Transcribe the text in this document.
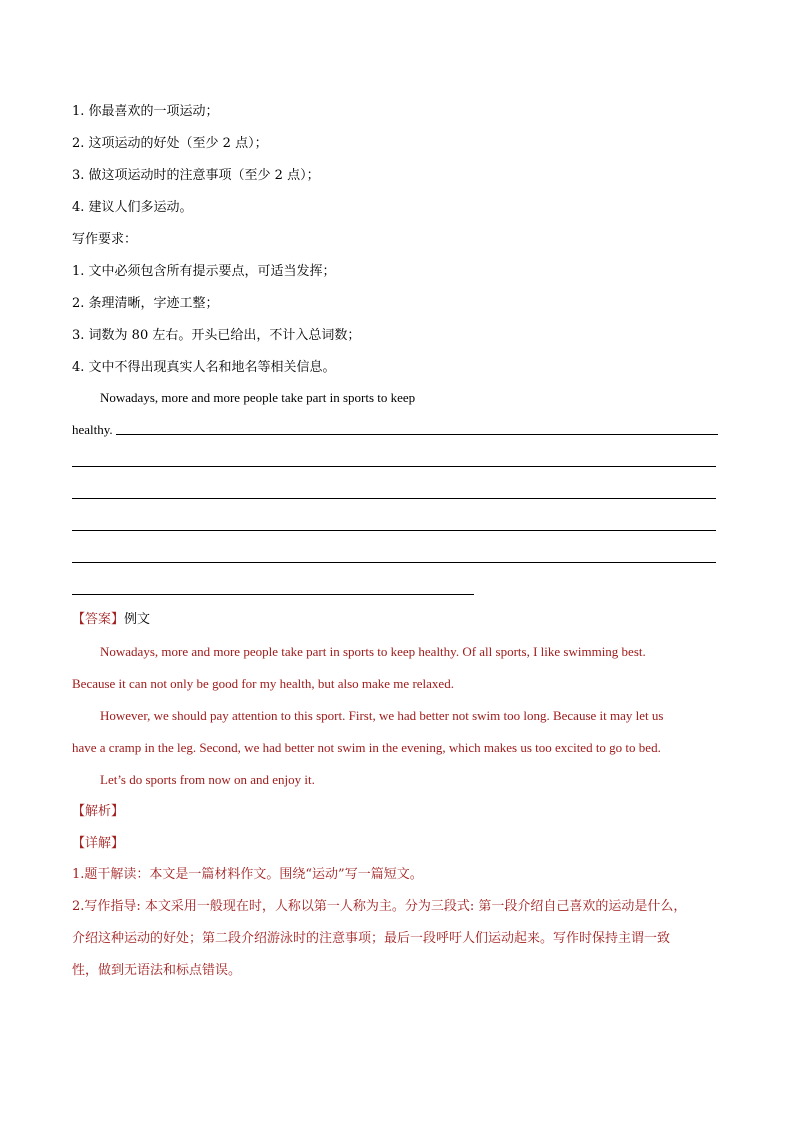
1. 你最喜欢的一项运动；
2. 这项运动的好处（至少 2 点）；
3. 做这项运动时的注意事项（至少 2 点）；
4. 建议人们多运动。
写作要求：
1. 文中必须包含所有提示要点，可适当发挥；
2. 条理清晰，字迹工整；
3. 词数为 80 左右。开头已给出，不计入总词数；
4. 文中不得出现真实人名和地名等相关信息。
Nowadays, more and more people take part in sports to keep
healthy.
【答案】例文
Nowadays, more and more people take part in sports to keep healthy. Of all sports, I like swimming best.
Because it can not only be good for my health, but also make me relaxed.
However, we should pay attention to this sport. First, we had better not swim too long. Because it may let us
have a cramp in the leg. Second, we had better not swim in the evening, which makes us too excited to go to bed.
Let’s do sports from now on and enjoy it.
【解析】
【详解】
1.题干解读：本文是一篇材料作文。围绕“运动”写一篇短文。
2.写作指导: 本文采用一般现在时，人称以第一人称为主。分为三段式: 第一段介绍自己喜欢的运动是什么，
介绍这种运动的好处；第二段介绍游泳时的注意事项；最后一段呼吁人们运动起来。写作时保持主谓一致
性，做到无语法和标点错误。
